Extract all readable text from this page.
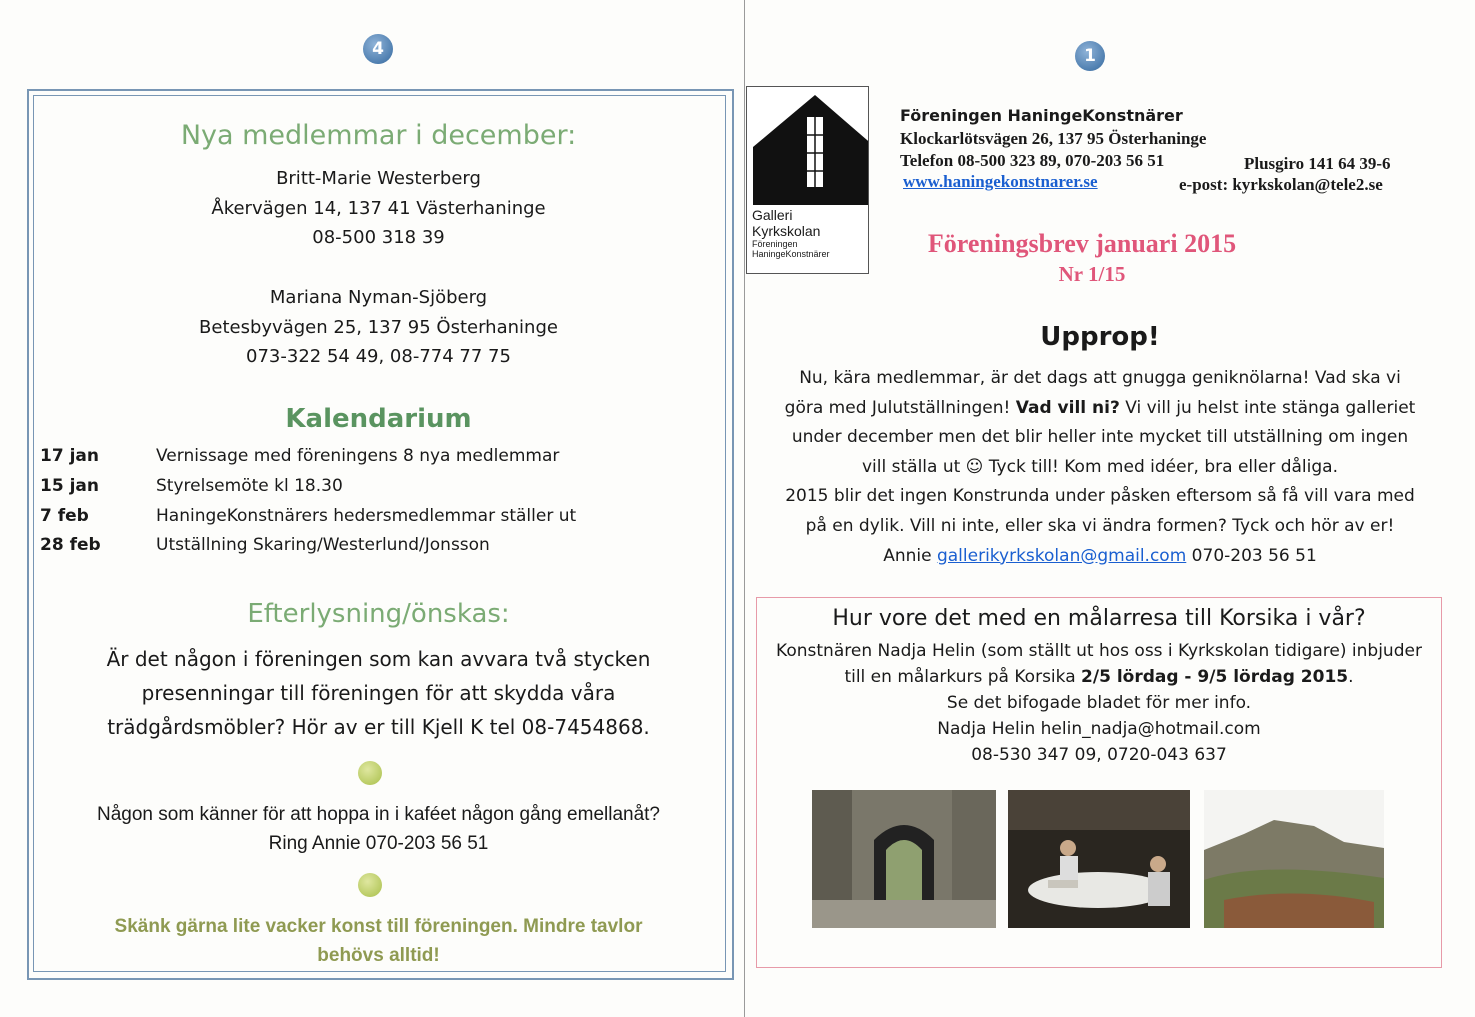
4
Nya medlemmar i december:
Britt-Marie Westerberg
Åkervägen 14, 137 41 Västerhaninge
08-500 318 39
Mariana Nyman-Sjöberg
Betesbyvägen 25, 137 95 Österhaninge
073-322 54 49, 08-774 77 75
Kalendarium
17 jan	Vernissage med föreningens 8 nya medlemmar
15 jan	Styrelsemöte kl 18.30
7 feb	HaningeKonstnärers hedersmedlemmar ställer ut
28 feb	Utställning Skaring/Westerlund/Jonsson
Efterlysning/önskas:
Är det någon i föreningen som kan avvara två stycken
presenningar till föreningen för att skydda våra
trädgårdsmöbler? Hör av er till Kjell K tel 08-7454868.
Någon som känner för att hoppa in i kaféet någon gång emellanåt?
Ring Annie 070-203 56 51
Skänk gärna lite vacker konst till föreningen. Mindre tavlor
behövs alltid!
1
Galleri
Kyrkskolan
Föreningen
HaningeKonstnärer
Föreningen HaningeKonstnärer
Klockarlötsvägen 26, 137 95 Österhaninge
Telefon 08-500 323 89, 070-203 56 51	Plusgiro 141 64 39-6
www.haningekonstnarer.se	e-post: kyrkskolan@tele2.se
Föreningsbrev januari 2015
Nr 1/15
Upprop!
Nu, kära medlemmar, är det dags att gnugga geniknölarna! Vad ska vi
göra med Julutställningen! Vad vill ni? Vi vill ju helst inte stänga galleriet
under december men det blir heller inte mycket till utställning om ingen
vill ställa ut ☺ Tyck till! Kom med idéer, bra eller dåliga.
2015 blir det ingen Konstrunda under påsken eftersom så få vill vara med
på en dylik. Vill ni inte, eller ska vi ändra formen? Tyck och hör av er!
Annie gallerikyrkskolan@gmail.com 070-203 56 51
Hur vore det med en målarresa till Korsika i vår?
Konstnären Nadja Helin (som ställt ut hos oss i Kyrkskolan tidigare) inbjuder
till en målarkurs på Korsika 2/5 lördag - 9/5 lördag 2015.
Se det bifogade bladet för mer info.
Nadja Helin helin_nadja@hotmail.com
08-530 347 09, 0720-043 637
